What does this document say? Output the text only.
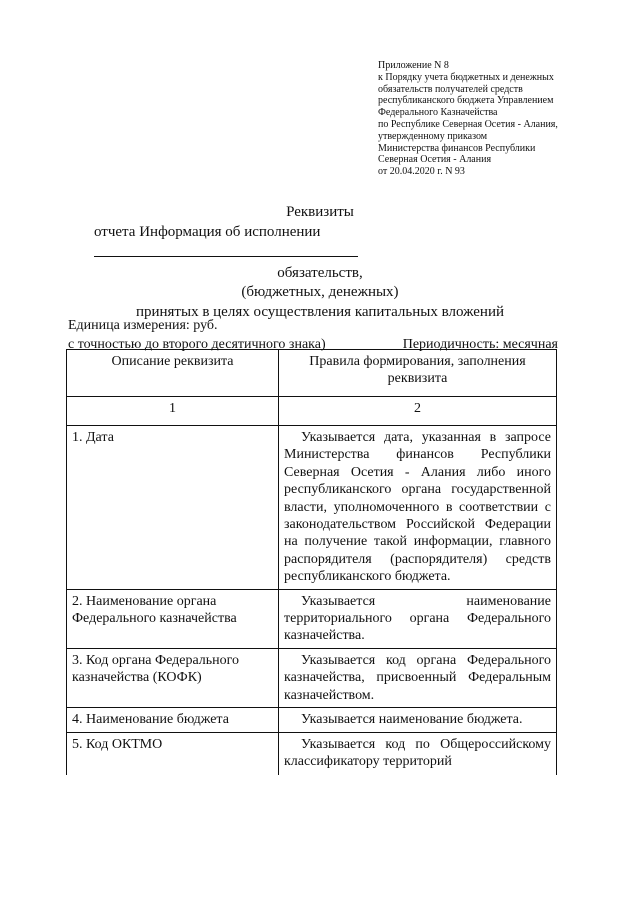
Приложение N 8
к Порядку учета бюджетных и денежных
обязательств получателей средств
республиканского бюджета Управлением
Федерального Казначейства
по Республике Северная Осетия - Алания,
утвержденному приказом
Министерства финансов Республики
Северная Осетия - Алания
от 20.04.2020 г. N 93
Реквизиты
отчета Информация об исполнении
обязательств,
(бюджетных, денежных)
принятых в целях осуществления капитальных вложений
Единица измерения: руб.
с точностью до второго десятичного знака)	Периодичность: месячная
Описание реквизита	Правила формирования, заполнения реквизита
1	2
1. Дата	Указывается дата, указанная в запросе Министерства финансов Республики Северная Осетия - Алания либо иного республиканского органа государственной власти, уполномоченного в соответствии с законодательством Российской Федерации на получение такой информации, главного распорядителя (распорядителя) средств республиканского бюджета.
2. Наименование органа Федерального казначейства	Указывается наименование территориального органа Федерального казначейства.
3. Код органа Федерального казначейства (КОФК)	Указывается код органа Федерального казначейства, присвоенный Федеральным казначейством.
4. Наименование бюджета	Указывается наименование бюджета.
5. Код ОКТМО	Указывается код по Общероссийскому классификатору территорий
